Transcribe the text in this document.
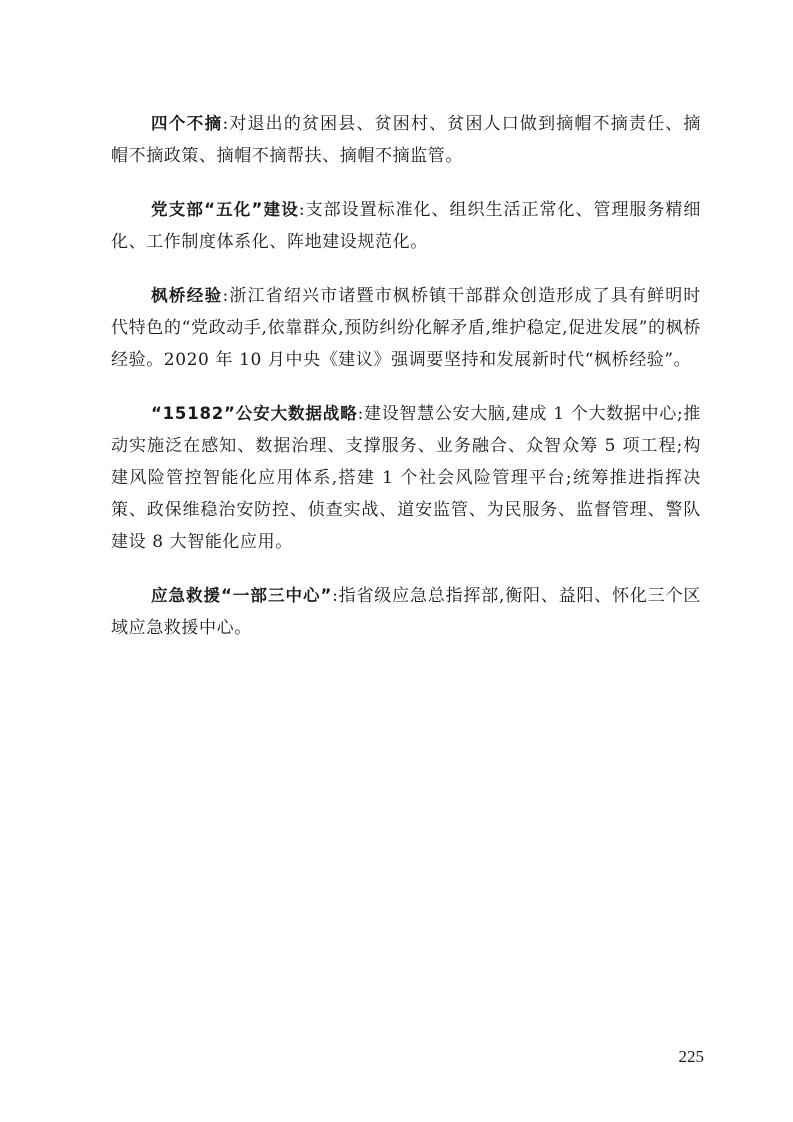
四个不摘:对退出的贫困县、贫困村、贫困人口做到摘帽不摘责任、摘帽不摘政策、摘帽不摘帮扶、摘帽不摘监管。

党支部“五化”建设:支部设置标准化、组织生活正常化、管理服务精细化、工作制度体系化、阵地建设规范化。

枫桥经验:浙江省绍兴市诸暨市枫桥镇干部群众创造形成了具有鲜明时代特色的“党政动手,依靠群众,预防纠纷化解矛盾,维护稳定,促进发展”的枫桥经验。2020 年 10 月中央《建议》强调要坚持和发展新时代“枫桥经验”。

“15182”公安大数据战略:建设智慧公安大脑,建成 1 个大数据中心;推动实施泛在感知、数据治理、支撑服务、业务融合、众智众筹 5 项工程;构建风险管控智能化应用体系,搭建 1 个社会风险管理平台;统筹推进指挥决策、政保维稳治安防控、侦查实战、道安监管、为民服务、监督管理、警队建设 8 大智能化应用。

应急救援“一部三中心”:指省级应急总指挥部,衡阳、益阳、怀化三个区域应急救援中心。

225
